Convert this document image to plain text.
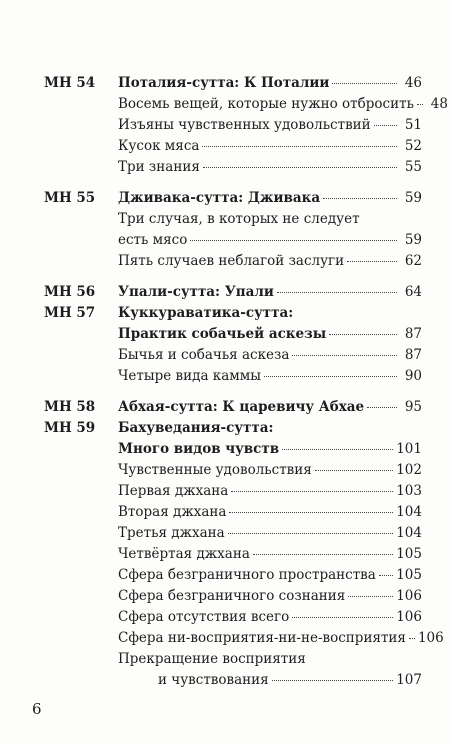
МН 54 Поталия-сутта: К Поталии	46
Восемь вещей, которые нужно отбросить	48
Изъяны чувственных удовольствий	51
Кусок мяса	52
Три знания	55
МН 55 Дживака-сутта: Дживака	59
Три случая, в которых не следует
есть мясо	59
Пять случаев неблагой заслуги	62
МН 56 Упали-сутта: Упали	64
МН 57 Куккураватика-сутта:
Практик собачьей аскезы	87
Бычья и собачья аскеза	87
Четыре вида каммы	90
МН 58 Абхая-сутта: К царевичу Абхае	95
МН 59 Бахуведания-сутта:
Много видов чувств	101
Чувственные удовольствия	102
Первая джхана	103
Вторая джхана	104
Третья джхана	104
Четвёртая джхана	105
Сфера безграничного пространства 105
Сфера безграничного сознания	106
Сфера отсутствия всего	106
Сфера ни-восприятия-ни-не-восприятия 106
Прекращение восприятия
и чувствования	107
6
